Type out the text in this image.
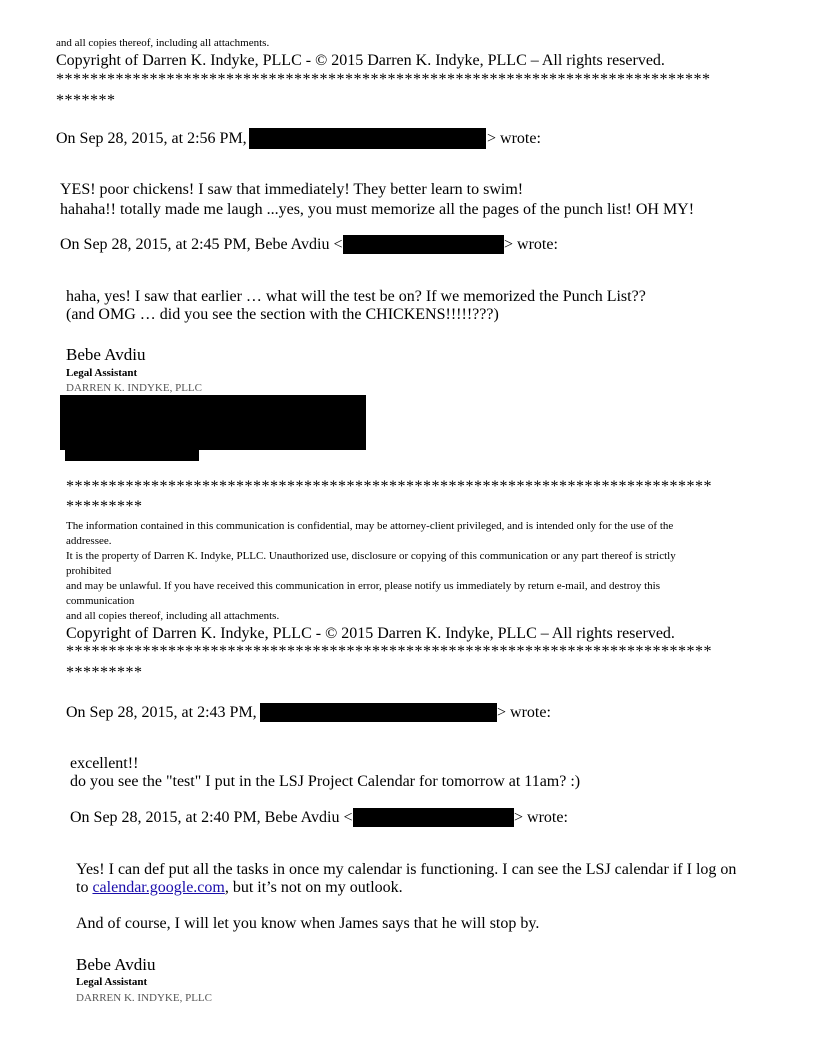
and all copies thereof, including all attachments.
Copyright of Darren K. Indyke, PLLC - © 2015 Darren K. Indyke, PLLC – All rights reserved.
*****************************************************************************
*******
On Sep 28, 2015, at 2:56 PM,	> wrote:
YES! poor chickens! I saw that immediately! They better learn to swim!
hahaha!! totally made me laugh ...yes, you must memorize all the pages of the punch list! OH MY!
On Sep 28, 2015, at 2:45 PM, Bebe Avdiu <	> wrote:
haha, yes! I saw that earlier … what will the test be on? If we memorized the Punch List??
(and OMG … did you see the section with the CHICKENS!!!!!???)
Bebe Avdiu
Legal Assistant
DARREN K. INDYKE, PLLC
****************************************************************************
*********
The information contained in this communication is confidential, may be attorney-client privileged, and is intended only for the use of the
addressee.
It is the property of Darren K. Indyke, PLLC. Unauthorized use, disclosure or copying of this communication or any part thereof is strictly
prohibited
and may be unlawful. If you have received this communication in error, please notify us immediately by return e-mail, and destroy this
communication
and all copies thereof, including all attachments.
Copyright of Darren K. Indyke, PLLC - © 2015 Darren K. Indyke, PLLC – All rights reserved.
****************************************************************************
*********
On Sep 28, 2015, at 2:43 PM,	> wrote:
excellent!!
do you see the "test" I put in the LSJ Project Calendar for tomorrow at 11am? :)
On Sep 28, 2015, at 2:40 PM, Bebe Avdiu <	> wrote:
Yes! I can def put all the tasks in once my calendar is functioning. I can see the LSJ calendar if I log on
to calendar.google.com, but it’s not on my outlook.
And of course, I will let you know when James says that he will stop by.
Bebe Avdiu
Legal Assistant
DARREN K. INDYKE, PLLC
